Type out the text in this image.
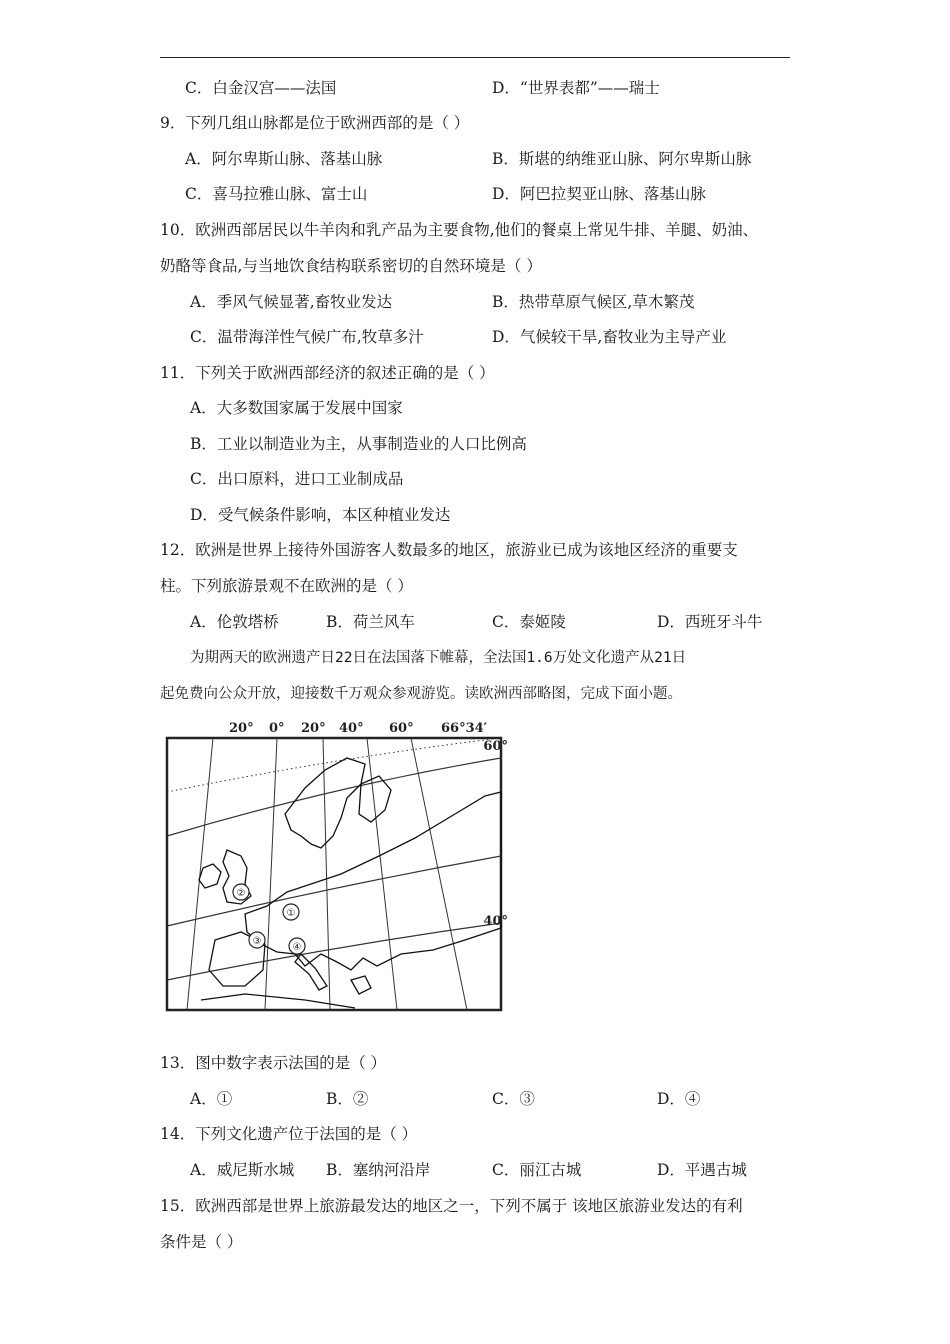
C．白金汉宫——法国	D．“世界表都”——瑞士
9．下列几组山脉都是位于欧洲西部的是（ ）
A．阿尔卑斯山脉、落基山脉	B．斯堪的纳维亚山脉、阿尔卑斯山脉
C．喜马拉雅山脉、富士山	D．阿巴拉契亚山脉、落基山脉
10．欧洲西部居民以牛羊肉和乳产品为主要食物,他们的餐桌上常见牛排、羊腿、奶油、
奶酪等食品,与当地饮食结构联系密切的自然环境是（ ）
A．季风气候显著,畜牧业发达	B．热带草原气候区,草木繁茂
C．温带海洋性气候广布,牧草多汁	D．气候较干旱,畜牧业为主导产业
11．下列关于欧洲西部经济的叙述正确的是（ ）
A．大多数国家属于发展中国家
B．工业以制造业为主，从事制造业的人口比例高
C．出口原料，进口工业制成品
D．受气候条件影响，本区种植业发达
12．欧洲是世界上接待外国游客人数最多的地区，旅游业已成为该地区经济的重要支
柱。下列旅游景观不在欧洲的是（ ）
A．伦敦塔桥	B．荷兰风车	C．泰姬陵	D．西班牙斗牛
为期两天的欧洲遗产日22日在法国落下帷幕，全法国1.6万处文化遗产从21日
起免费向公众开放，迎接数千万观众参观游览。读欧洲西部略图，完成下面小题。
20° 0° 20° 40° 60° 66°34′
60°
40°
①
②
③
④
13．图中数字表示法国的是（ ）
A．①	B．②	C．③	D．④
14．下列文化遗产位于法国的是（ ）
A．威尼斯水城 B．塞纳河沿岸	C．丽江古城	D．平遇古城
15．欧洲西部是世界上旅游最发达的地区之一，下列不属于 该地区旅游业发达的有利
条件是（ ）
